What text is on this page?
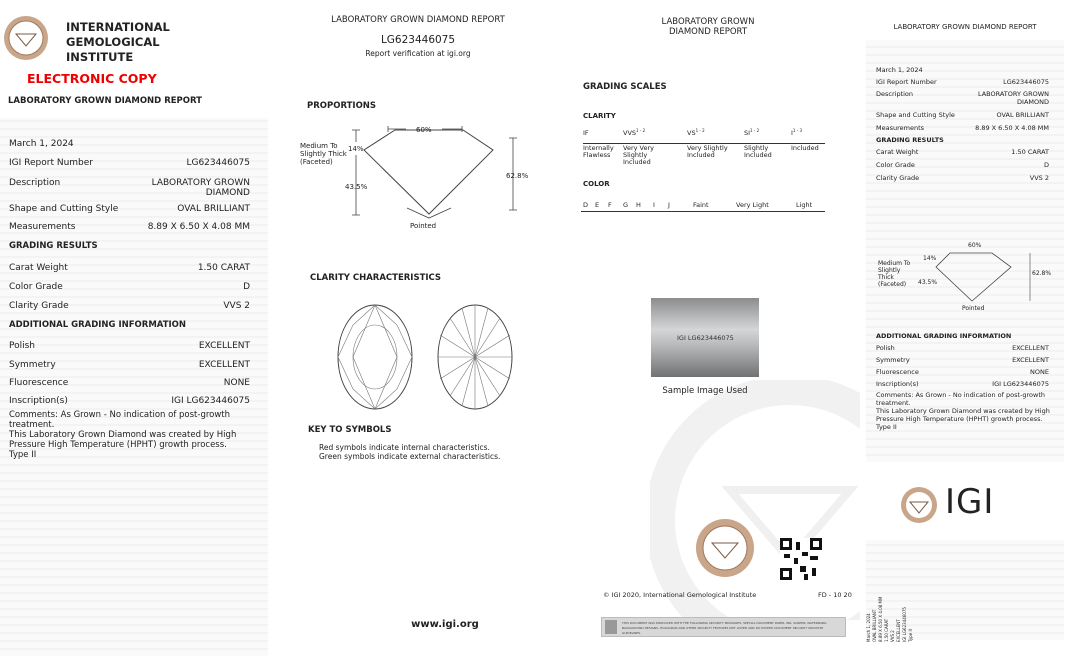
INTERNATIONAL
GEMOLOGICAL
INSTITUTE
ELECTRONIC COPY
LABORATORY GROWN DIAMOND REPORT
March 1, 2024
IGI Report Number	LG623446075
Description	LABORATORY GROWN DIAMOND
Shape and Cutting Style	OVAL BRILLIANT
Measurements	8.89 X 6.50 X 4.08 MM
GRADING RESULTS
Carat Weight	1.50 CARAT
Color Grade	D
Clarity Grade	VVS 2
ADDITIONAL GRADING INFORMATION
Polish	EXCELLENT
Symmetry	EXCELLENT
Fluorescence	NONE
Inscription(s)	IGI LG623446075
Comments: As Grown - No indication of post-growth treatment.
This Laboratory Grown Diamond was created by High Pressure High Temperature (HPHT) growth process.
Type II
LABORATORY GROWN DIAMOND REPORT
LG623446075
Report verification at igi.org
PROPORTIONS
60%
Medium To Slightly Thick (Faceted)
14%
43.5%
62.8%
Pointed
CLARITY CHARACTERISTICS
KEY TO SYMBOLS
Red symbols indicate internal characteristics.
Green symbols indicate external characteristics.
www.igi.org
LABORATORY GROWN
DIAMOND REPORT
GRADING SCALES
CLARITY
IF
Internally Flawless
VVS$^{1 - 2}$
Very Very Slightly Included
VS$^{1 - 2}$
Very Slightly Included
SI$^{1 - 2}$
Slightly Included
$I^{1 - 3}$
Included
COLOR
D E F G H I J	Faint	Very Light	Light
IGI LG623446075
Sample Image Used
© IGI 2020, International Gemological Institute	FD - 10 20
THIS DOCUMENT WAS PRODUCED WITH THE FOLLOWING SECURITY MEASURES: SPECIAL DOCUMENT PAPER, INK, SCREEN, WATERMARK, BACKGROUND DESIGNS, HOLOGRAM AND OTHER SECURITY FEATURES NOT LISTED AND DO EXCEED DOCUMENT SECURITY INDUSTRY GUIDELINES.
LABORATORY GROWN DIAMOND REPORT
March 1, 2024
IGI Report Number	LG623446075
Description	LABORATORY GROWN DIAMOND
Shape and Cutting Style	OVAL BRILLIANT
Measurements	8.89 X 6.50 X 4.08 MM
GRADING RESULTS
Carat Weight	1.50 CARAT
Color Grade	D
Clarity Grade	VVS 2
60%
Medium To Slightly Thick (Faceted)
14%
43.5%
62.8%
Pointed
ADDITIONAL GRADING INFORMATION
Polish	EXCELLENT
Symmetry	EXCELLENT
Fluorescence	NONE
Inscription(s)	IGI LG623446075
Comments: As Grown - No indication of post-growth treatment.
This Laboratory Grown Diamond was created by High Pressure High Temperature (HPHT) growth process.
Type II
IGI
March 1, 2024 OVAL BRILLIANT 8.89 X 6.50 X 4.08 MM 1.50 CARAT VVS 2 EXCELLENT IGI LG623446075 Type II
